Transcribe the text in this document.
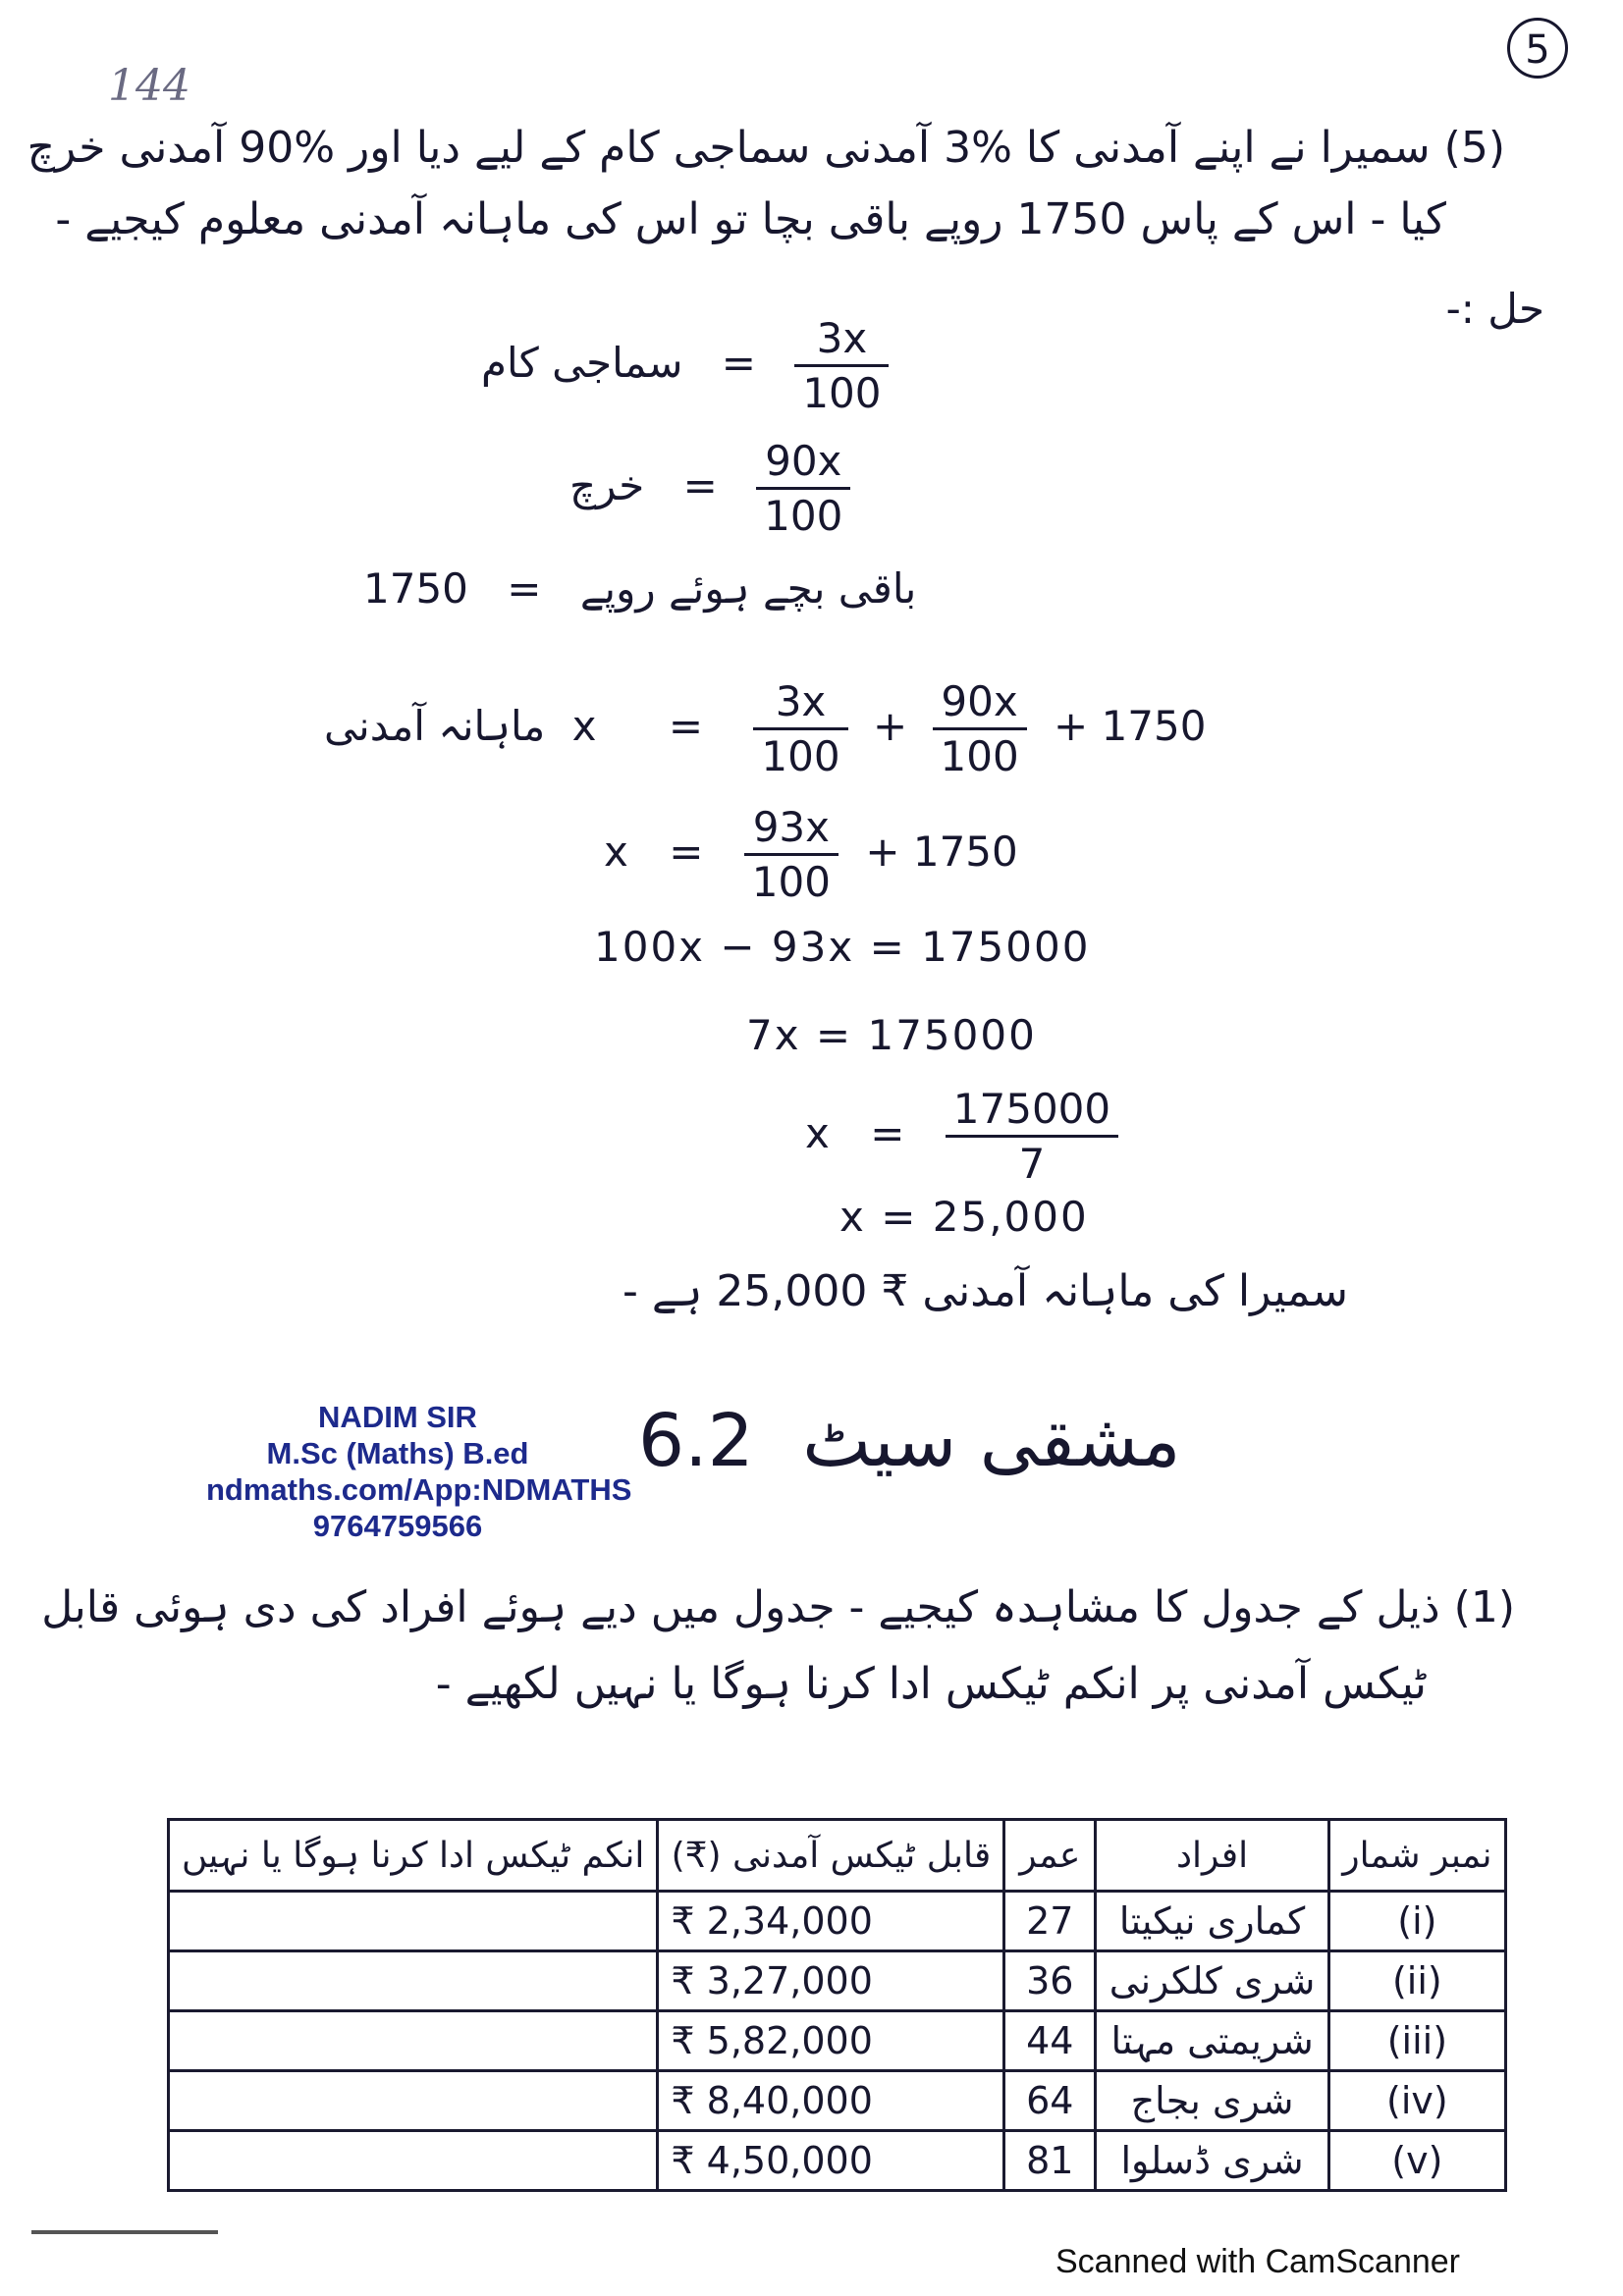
5
144
(5) سمیرا نے اپنے آمدنی کا %3 آمدنی سماجی کام کے لیے دیا اور %90 آمدنی خرچ
کیا - اس کے پاس 1750 روپے باقی بچا تو اس کی ماہانہ آمدنی معلوم کیجیے -
حل :-
سماجی کام = $\frac{3x}{100}$
خرچ = $\frac{90x}{100}$
باقی بچے ہوئے روپے = 1750
ماہانہ آمدنی $x = \frac{3x}{100} + \frac{90x}{100} + 1750$
$x = \frac{93x}{100} + 1750$
100x − 93x = 175000
7x = 175000
$x = \frac{175000}{7}$
x = 25,000
سمیرا کی ماہانہ آمدنی ₹ 25,000 ہے -
NADIM SIR
M.Sc (Maths) B.ed
ndmaths.com/App:NDMATHS
9764759566
6.2 مشقی سیٹ
(1) ذیل کے جدول کا مشاہدہ کیجیے - جدول میں دیے ہوئے افراد کی دی ہوئی قابل
ٹیکس آمدنی پر انکم ٹیکس ادا کرنا ہوگا یا نہیں لکھیے -
نمبر شمار	افراد	عمر	قابل ٹیکس آمدنی (₹)	انکم ٹیکس ادا کرنا ہوگا یا نہیں
(i)	کماری نیکیتا	27	₹ 2,34,000	
(ii)	شری کلکرنی	36	₹ 3,27,000	
(iii)	شریمتی مہتا	44	₹ 5,82,000	
(iv)	شری بجاج	64	₹ 8,40,000	
(v)	شری ڈسلوا	81	₹ 4,50,000	
Scanned with CamScanner
